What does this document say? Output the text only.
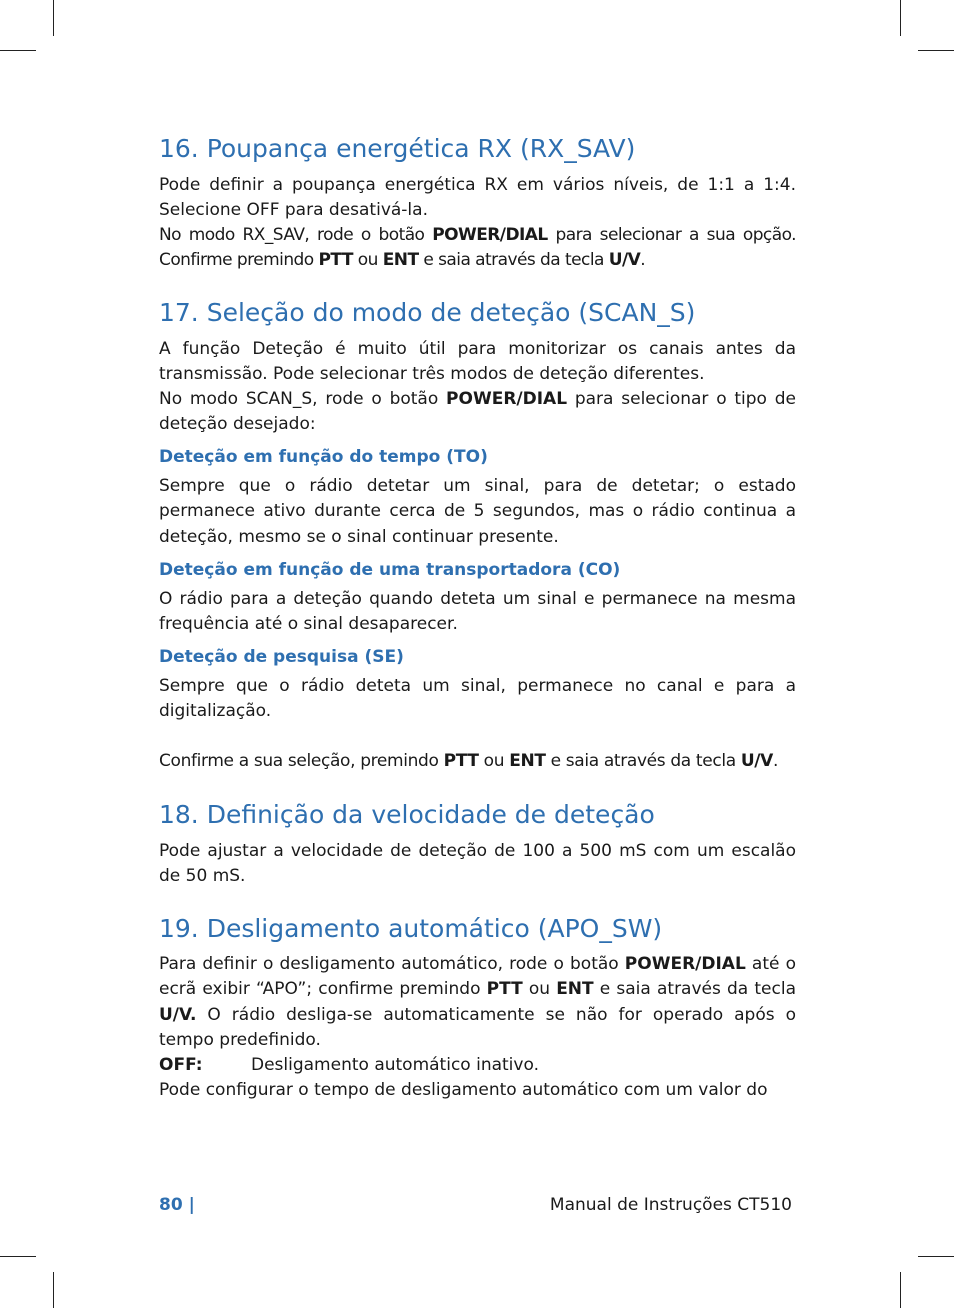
16. Poupança energética RX (RX_SAV)

Pode definir a poupança energética RX em vários níveis, de 1:1 a 1:4. Selecione OFF para desativá-la.

No modo RX_SAV, rode o botão POWER/DIAL para selecionar a sua opção. Confirme premindo PTT ou ENT e saia através da tecla U/V.

17. Seleção do modo de deteção (SCAN_S)

A função Deteção é muito útil para monitorizar os canais antes da transmissão. Pode selecionar três modos de deteção diferentes.

No modo SCAN_S, rode o botão POWER/DIAL para selecionar o tipo de deteção desejado:

Deteção em função do tempo (TO)

Sempre que o rádio detetar um sinal, para de detetar; o estado permanece ativo durante cerca de 5 segundos, mas o rádio continua a deteção, mesmo se o sinal continuar presente.

Deteção em função de uma transportadora (CO)

O rádio para a deteção quando deteta um sinal e permanece na mesma frequência até o sinal desaparecer.

Deteção de pesquisa (SE)

Sempre que o rádio deteta um sinal, permanece no canal e para a digitalização.

Confirme a sua seleção, premindo PTT ou ENT e saia através da tecla U/V.

18. Definição da velocidade de deteção

Pode ajustar a velocidade de deteção de 100 a 500 mS com um escalão de 50 mS.

19. Desligamento automático (APO_SW)

Para definir o desligamento automático, rode o botão POWER/DIAL até o ecrã exibir “APO”; confirme premindo PTT ou ENT e saia através da tecla U/V. O rádio desliga-se automaticamente se não for operado após o tempo predefinido.

OFF:	Desligamento automático inativo.

Pode configurar o tempo de desligamento automático com um valor do

80 |	Manual de Instruções CT510
